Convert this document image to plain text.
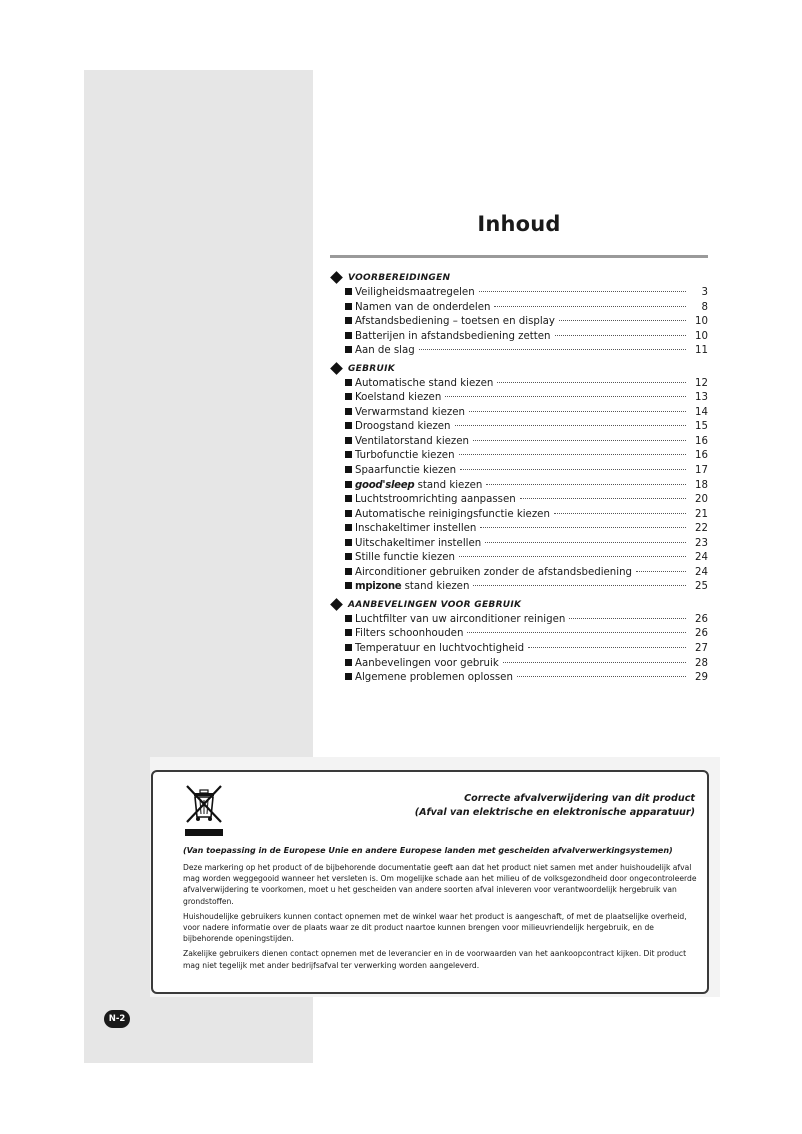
Inhoud
VOORBEREIDINGEN
Veiligheidsmaatregelen	3
Namen van de onderdelen	8
Afstandsbediening – toetsen en display	10
Batterijen in afstandsbediening zetten	10
Aan de slag	11
GEBRUIK
Automatische stand kiezen	12
Koelstand kiezen	13
Verwarmstand kiezen	14
Droogstand kiezen	15
Ventilatorstand kiezen	16
Turbofunctie kiezen	16
Spaarfunctie kiezen	17
good'sleep stand kiezen	18
Luchtstroomrichting aanpassen	20
Automatische reinigingsfunctie kiezen	21
Inschakeltimer instellen	22
Uitschakeltimer instellen	23
Stille functie kiezen	24
Airconditioner gebruiken zonder de afstandsbediening	24
mpizone stand kiezen	25
AANBEVELINGEN VOOR GEBRUIK
Luchtfilter van uw airconditioner reinigen	26
Filters schoonhouden	26
Temperatuur en luchtvochtigheid	27
Aanbevelingen voor gebruik	28
Algemene problemen oplossen	29
Correcte afvalverwijdering van dit product
(Afval van elektrische en elektronische apparatuur)
(Van toepassing in de Europese Unie en andere Europese landen met gescheiden afvalverwerkingsystemen)

Deze markering op het product of de bijbehorende documentatie geeft aan dat het product niet samen met ander huishoudelijk afval mag worden weggegooid wanneer het versleten is. Om mogelijke schade aan het milieu of de volksgezondheid door ongecontroleerde afvalverwijdering te voorkomen, moet u het gescheiden van andere soorten afval inleveren voor verantwoordelijk hergebruik van grondstoffen.

Huishoudelijke gebruikers kunnen contact opnemen met de winkel waar het product is aangeschaft, of met de plaatselijke overheid, voor nadere informatie over de plaats waar ze dit product naartoe kunnen brengen voor milieuvriendelijk hergebruik, en de bijbehorende openingstijden.

Zakelijke gebruikers dienen contact opnemen met de leverancier en in de voorwaarden van het aankoopcontract kijken. Dit product mag niet tegelijk met ander bedrijfsafval ter verwerking worden aangeleverd.

N-2
